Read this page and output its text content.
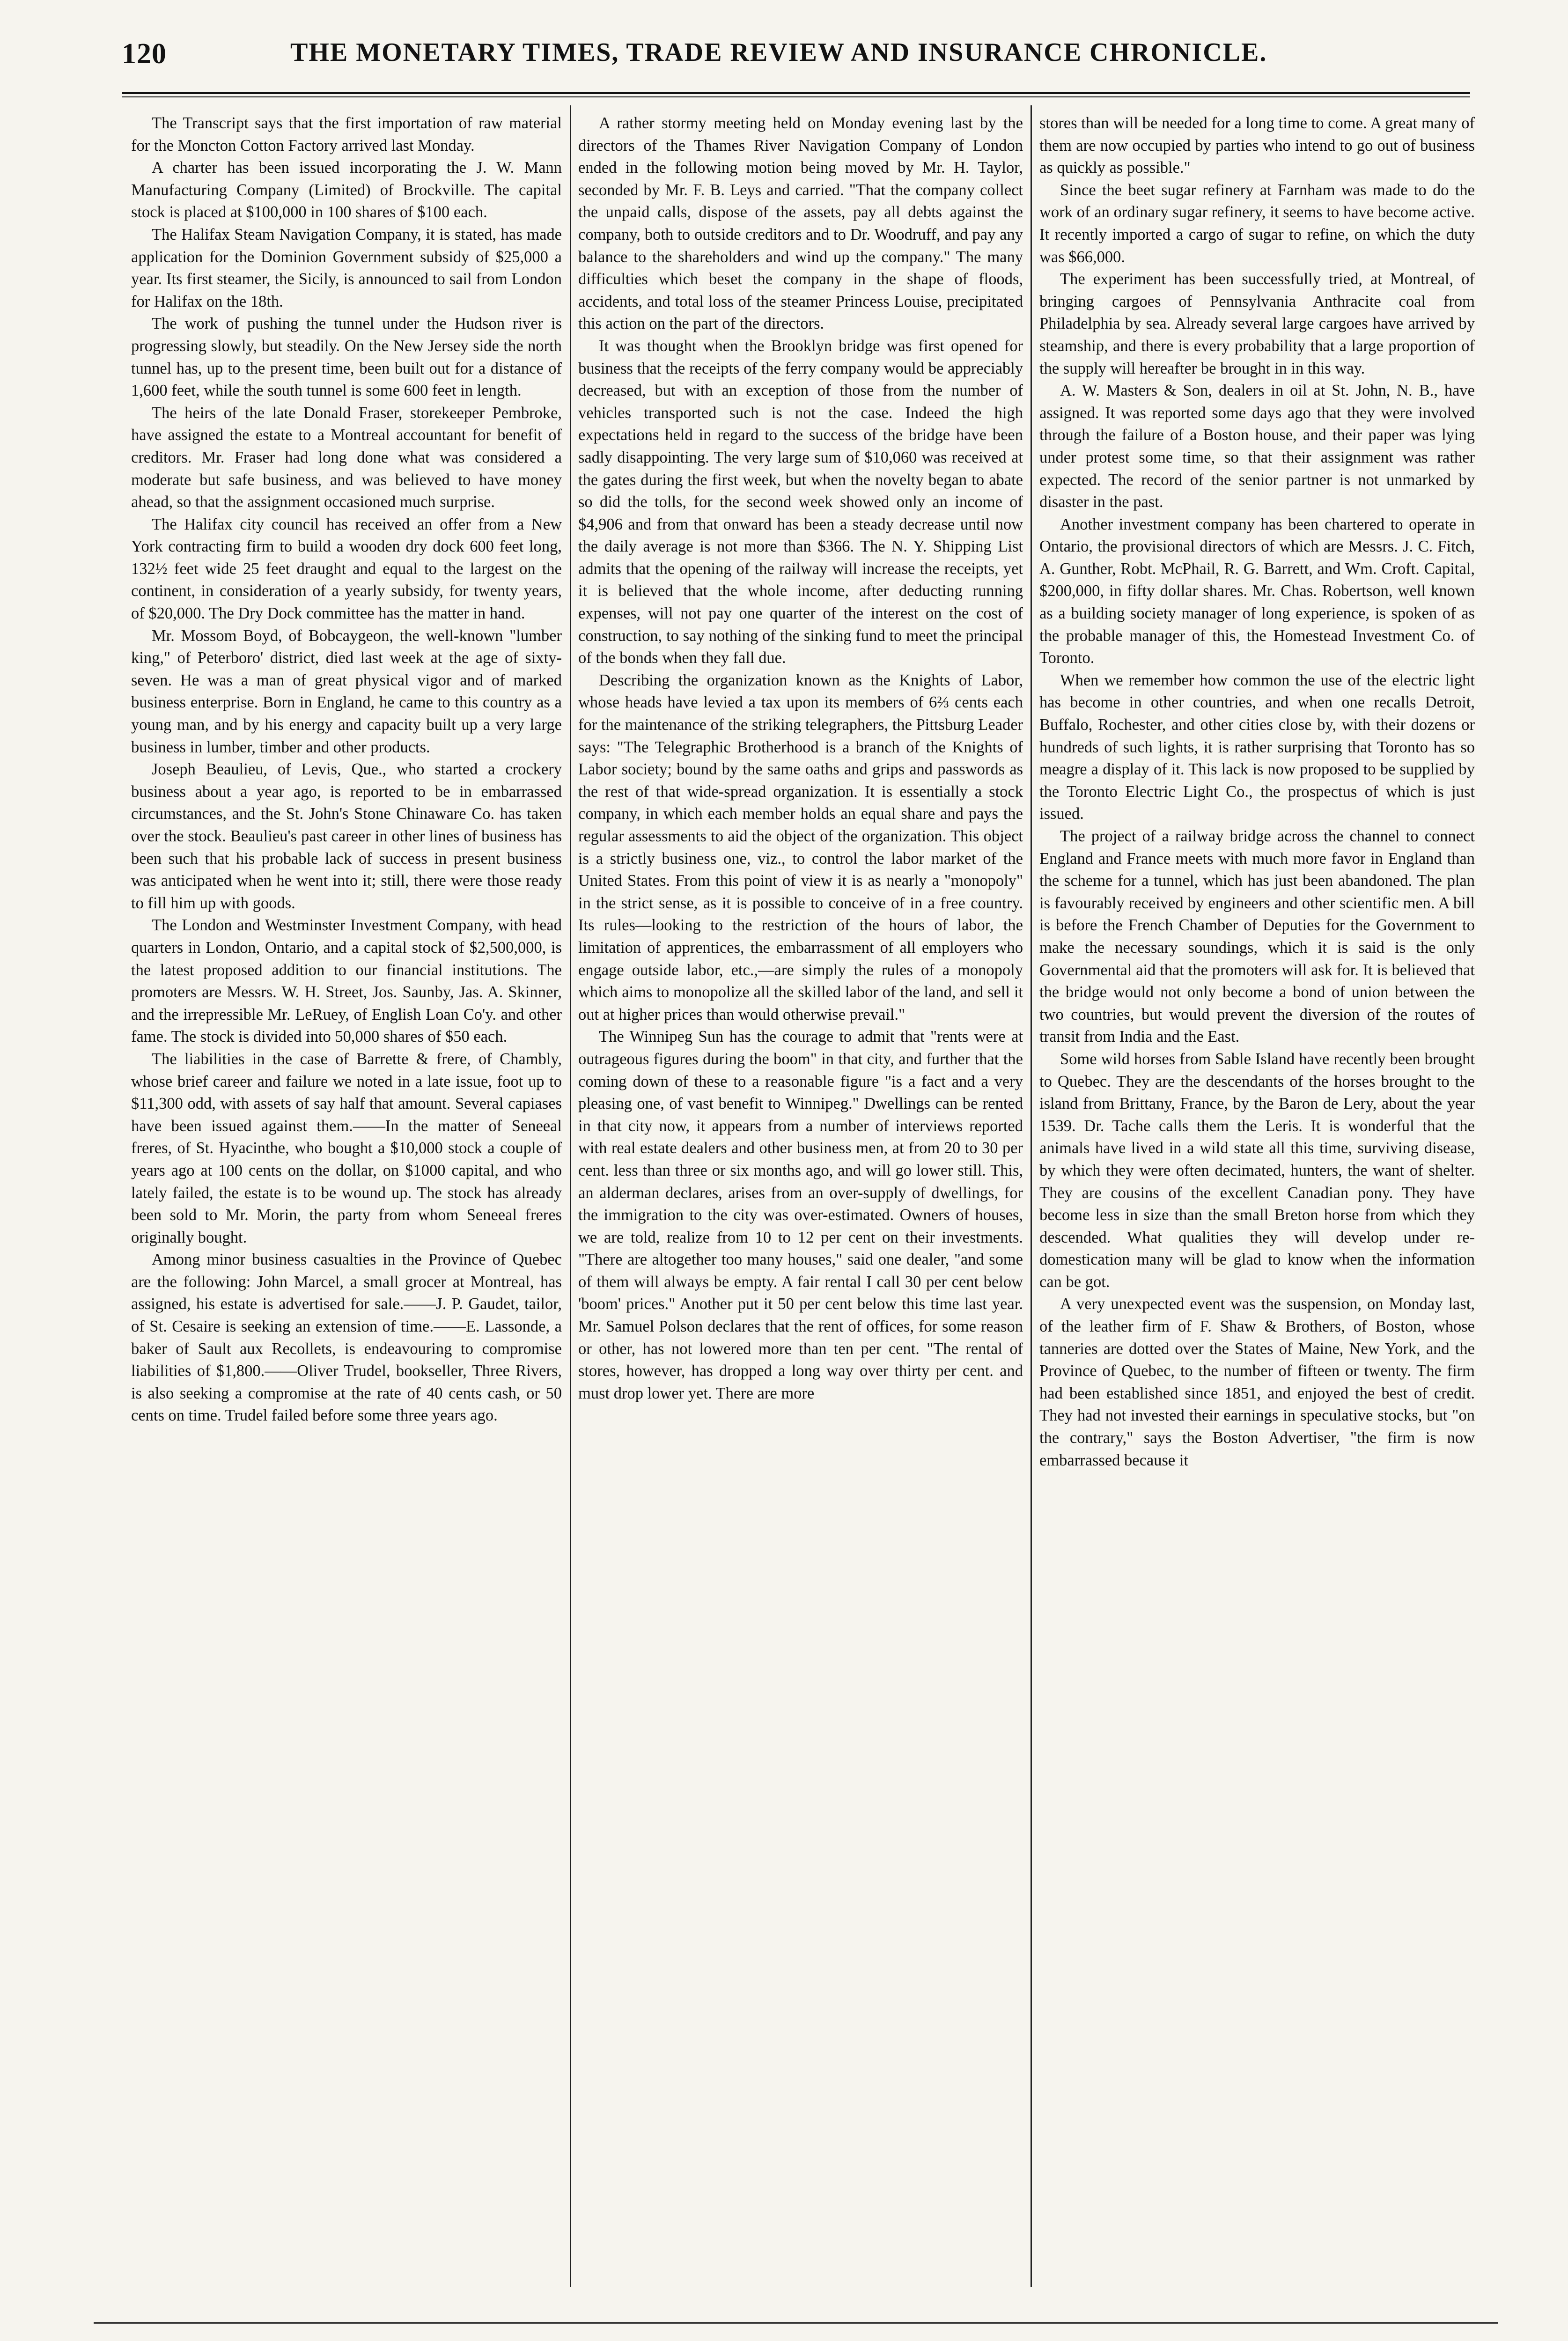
120	THE MONETARY TIMES, TRADE REVIEW AND INSURANCE CHRONICLE.

The Transcript says that the first importation of raw material for the Moncton Cotton Factory arrived last Monday.

A charter has been issued incorporating the J. W. Mann Manufacturing Company (Limited) of Brockville. The capital stock is placed at $100,000 in 100 shares of $100 each.

The Halifax Steam Navigation Company, it is stated, has made application for the Dominion Government subsidy of $25,000 a year. Its first steamer, the Sicily, is announced to sail from London for Halifax on the 18th.

The work of pushing the tunnel under the Hudson river is progressing slowly, but steadily. On the New Jersey side the north tunnel has, up to the present time, been built out for a distance of 1,600 feet, while the south tunnel is some 600 feet in length.

The heirs of the late Donald Fraser, storekeeper Pembroke, have assigned the estate to a Montreal accountant for benefit of creditors. Mr. Fraser had long done what was considered a moderate but safe business, and was believed to have money ahead, so that the assignment occasioned much surprise.

The Halifax city council has received an offer from a New York contracting firm to build a wooden dry dock 600 feet long, 132½ feet wide 25 feet draught and equal to the largest on the continent, in consideration of a yearly subsidy, for twenty years, of $20,000. The Dry Dock committee has the matter in hand.

Mr. Mossom Boyd, of Bobcaygeon, the well-known "lumber king," of Peterboro' district, died last week at the age of sixty-seven. He was a man of great physical vigor and of marked business enterprise. Born in England, he came to this country as a young man, and by his energy and capacity built up a very large business in lumber, timber and other products.

Joseph Beaulieu, of Levis, Que., who started a crockery business about a year ago, is reported to be in embarrassed circumstances, and the St. John's Stone Chinaware Co. has taken over the stock. Beaulieu's past career in other lines of business has been such that his probable lack of success in present business was anticipated when he went into it; still, there were those ready to fill him up with goods.

The London and Westminster Investment Company, with head quarters in London, Ontario, and a capital stock of $2,500,000, is the latest proposed addition to our financial institutions. The promoters are Messrs. W. H. Street, Jos. Saunby, Jas. A. Skinner, and the irrepressible Mr. LeRuey, of English Loan Co'y. and other fame. The stock is divided into 50,000 shares of $50 each.

The liabilities in the case of Barrette & frere, of Chambly, whose brief career and failure we noted in a late issue, foot up to $11,300 odd, with assets of say half that amount. Several capiases have been issued against them.——In the matter of Seneeal freres, of St. Hyacinthe, who bought a $10,000 stock a couple of years ago at 100 cents on the dollar, on $1000 capital, and who lately failed, the estate is to be wound up. The stock has already been sold to Mr. Morin, the party from whom Seneeal freres originally bought.

Among minor business casualties in the Province of Quebec are the following: John Marcel, a small grocer at Montreal, has assigned, his estate is advertised for sale.——J. P. Gaudet, tailor, of St. Cesaire is seeking an extension of time.——E. Lassonde, a baker of Sault aux Recollets, is endeavouring to compromise liabilities of $1,800.——Oliver Trudel, bookseller, Three Rivers, is also seeking a compromise at the rate of 40 cents cash, or 50 cents on time. Trudel failed before some three years ago.

A rather stormy meeting held on Monday evening last by the directors of the Thames River Navigation Company of London ended in the following motion being moved by Mr. H. Taylor, seconded by Mr. F. B. Leys and carried. "That the company collect the unpaid calls, dispose of the assets, pay all debts against the company, both to outside creditors and to Dr. Woodruff, and pay any balance to the shareholders and wind up the company." The many difficulties which beset the company in the shape of floods, accidents, and total loss of the steamer Princess Louise, precipitated this action on the part of the directors.

It was thought when the Brooklyn bridge was first opened for business that the receipts of the ferry company would be appreciably decreased, but with an exception of those from the number of vehicles transported such is not the case. Indeed the high expectations held in regard to the success of the bridge have been sadly disappointing. The very large sum of $10,060 was received at the gates during the first week, but when the novelty began to abate so did the tolls, for the second week showed only an income of $4,906 and from that onward has been a steady decrease until now the daily average is not more than $366. The N. Y. Shipping List admits that the opening of the railway will increase the receipts, yet it is believed that the whole income, after deducting running expenses, will not pay one quarter of the interest on the cost of construction, to say nothing of the sinking fund to meet the principal of the bonds when they fall due.

Describing the organization known as the Knights of Labor, whose heads have levied a tax upon its members of 6⅔ cents each for the maintenance of the striking telegraphers, the Pittsburg Leader says: "The Telegraphic Brotherhood is a branch of the Knights of Labor society; bound by the same oaths and grips and passwords as the rest of that wide-spread organization. It is essentially a stock company, in which each member holds an equal share and pays the regular assessments to aid the object of the organization. This object is a strictly business one, viz., to control the labor market of the United States. From this point of view it is as nearly a "monopoly" in the strict sense, as it is possible to conceive of in a free country. Its rules—looking to the restriction of the hours of labor, the limitation of apprentices, the embarrassment of all employers who engage outside labor, etc.,—are simply the rules of a monopoly which aims to monopolize all the skilled labor of the land, and sell it out at higher prices than would otherwise prevail."

The Winnipeg Sun has the courage to admit that "rents were at outrageous figures during the boom" in that city, and further that the coming down of these to a reasonable figure "is a fact and a very pleasing one, of vast benefit to Winnipeg." Dwellings can be rented in that city now, it appears from a number of interviews reported with real estate dealers and other business men, at from 20 to 30 per cent. less than three or six months ago, and will go lower still. This, an alderman declares, arises from an over-supply of dwellings, for the immigration to the city was over-estimated. Owners of houses, we are told, realize from 10 to 12 per cent on their investments. "There are altogether too many houses," said one dealer, "and some of them will always be empty. A fair rental I call 30 per cent below 'boom' prices." Another put it 50 per cent below this time last year. Mr. Samuel Polson declares that the rent of offices, for some reason or other, has not lowered more than ten per cent. "The rental of stores, however, has dropped a long way over thirty per cent. and must drop lower yet. There are more

stores than will be needed for a long time to come. A great many of them are now occupied by parties who intend to go out of business as quickly as possible."

Since the beet sugar refinery at Farnham was made to do the work of an ordinary sugar refinery, it seems to have become active. It recently imported a cargo of sugar to refine, on which the duty was $66,000.

The experiment has been successfully tried, at Montreal, of bringing cargoes of Pennsylvania Anthracite coal from Philadelphia by sea. Already several large cargoes have arrived by steamship, and there is every probability that a large proportion of the supply will hereafter be brought in in this way.

A. W. Masters & Son, dealers in oil at St. John, N. B., have assigned. It was reported some days ago that they were involved through the failure of a Boston house, and their paper was lying under protest some time, so that their assignment was rather expected. The record of the senior partner is not unmarked by disaster in the past.

Another investment company has been chartered to operate in Ontario, the provisional directors of which are Messrs. J. C. Fitch, A. Gunther, Robt. McPhail, R. G. Barrett, and Wm. Croft. Capital, $200,000, in fifty dollar shares. Mr. Chas. Robertson, well known as a building society manager of long experience, is spoken of as the probable manager of this, the Homestead Investment Co. of Toronto.

When we remember how common the use of the electric light has become in other countries, and when one recalls Detroit, Buffalo, Rochester, and other cities close by, with their dozens or hundreds of such lights, it is rather surprising that Toronto has so meagre a display of it. This lack is now proposed to be supplied by the Toronto Electric Light Co., the prospectus of which is just issued.

The project of a railway bridge across the channel to connect England and France meets with much more favor in England than the scheme for a tunnel, which has just been abandoned. The plan is favourably received by engineers and other scientific men. A bill is before the French Chamber of Deputies for the Government to make the necessary soundings, which it is said is the only Governmental aid that the promoters will ask for. It is believed that the bridge would not only become a bond of union between the two countries, but would prevent the diversion of the routes of transit from India and the East.

Some wild horses from Sable Island have recently been brought to Quebec. They are the descendants of the horses brought to the island from Brittany, France, by the Baron de Lery, about the year 1539. Dr. Tache calls them the Leris. It is wonderful that the animals have lived in a wild state all this time, surviving disease, by which they were often decimated, hunters, the want of shelter. They are cousins of the excellent Canadian pony. They have become less in size than the small Breton horse from which they descended. What qualities they will develop under re-domestication many will be glad to know when the information can be got.

A very unexpected event was the suspension, on Monday last, of the leather firm of F. Shaw & Brothers, of Boston, whose tanneries are dotted over the States of Maine, New York, and the Province of Quebec, to the number of fifteen or twenty. The firm had been established since 1851, and enjoyed the best of credit. They had not invested their earnings in speculative stocks, but "on the contrary," says the Boston Advertiser, "the firm is now embarrassed because it
